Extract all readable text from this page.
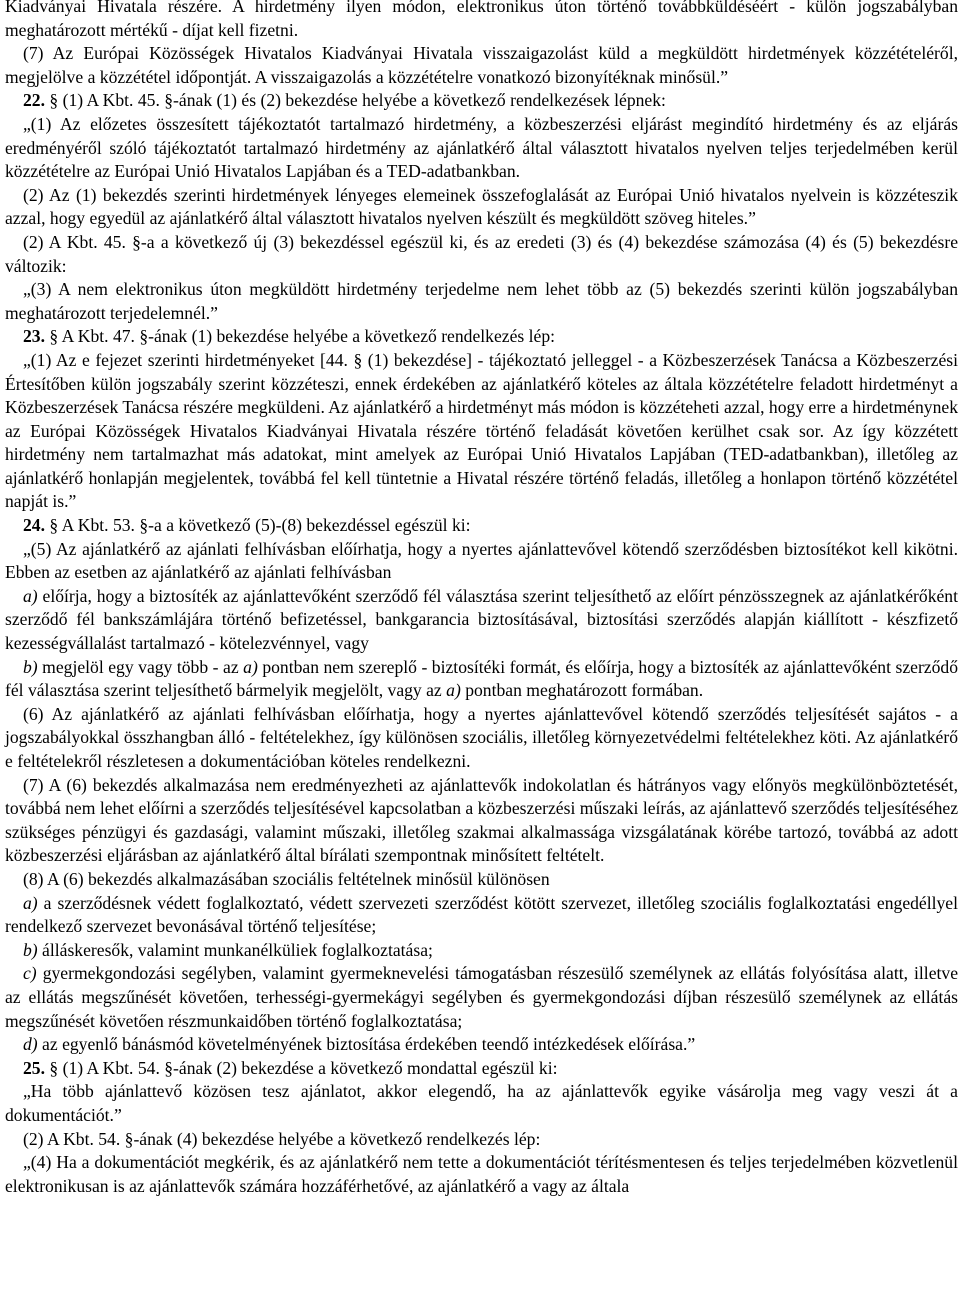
Kiadványai Hivatala részére. A hirdetmény ilyen módon, elektronikus úton történő továbbküldéséért - külön jogszabályban meghatározott mértékű - díjat kell fizetni.

(7) Az Európai Közösségek Hivatalos Kiadványai Hivatala visszaigazolást küld a megküldött hirdetmények közzétételéről, megjelölve a közzététel időpontját. A visszaigazolás a közzétételre vonatkozó bizonyítéknak minősül.”

22. § (1) A Kbt. 45. §-ának (1) és (2) bekezdése helyébe a következő rendelkezések lépnek:

„(1) Az előzetes összesített tájékoztatót tartalmazó hirdetmény, a közbeszerzési eljárást megindító hirdetmény és az eljárás eredményéről szóló tájékoztatót tartalmazó hirdetmény az ajánlatkérő által választott hivatalos nyelven teljes terjedelmében kerül közzétételre az Európai Unió Hivatalos Lapjában és a TED-adatbankban.

(2) Az (1) bekezdés szerinti hirdetmények lényeges elemeinek összefoglalását az Európai Unió hivatalos nyelvein is közzéteszik azzal, hogy egyedül az ajánlatkérő által választott hivatalos nyelven készült és megküldött szöveg hiteles.”

(2) A Kbt. 45. §-a a következő új (3) bekezdéssel egészül ki, és az eredeti (3) és (4) bekezdése számozása (4) és (5) bekezdésre változik:

„(3) A nem elektronikus úton megküldött hirdetmény terjedelme nem lehet több az (5) bekezdés szerinti külön jogszabályban meghatározott terjedelemnél.”

23. § A Kbt. 47. §-ának (1) bekezdése helyébe a következő rendelkezés lép:

„(1) Az e fejezet szerinti hirdetményeket [44. § (1) bekezdése] - tájékoztató jelleggel - a Közbeszerzések Tanácsa a Közbeszerzési Értesítőben külön jogszabály szerint közzéteszi, ennek érdekében az ajánlatkérő köteles az általa közzétételre feladott hirdetményt a Közbeszerzések Tanácsa részére megküldeni. Az ajánlatkérő a hirdetményt más módon is közzéteheti azzal, hogy erre a hirdetménynek az Európai Közösségek Hivatalos Kiadványai Hivatala részére történő feladását követően kerülhet csak sor. Az így közzétett hirdetmény nem tartalmazhat más adatokat, mint amelyek az Európai Unió Hivatalos Lapjában (TED-adatbankban), illetőleg az ajánlatkérő honlapján megjelentek, továbbá fel kell tüntetnie a Hivatal részére történő feladás, illetőleg a honlapon történő közzététel napját is.”

24. § A Kbt. 53. §-a a következő (5)-(8) bekezdéssel egészül ki:

„(5) Az ajánlatkérő az ajánlati felhívásban előírhatja, hogy a nyertes ajánlattevővel kötendő szerződésben biztosítékot kell kikötni. Ebben az esetben az ajánlatkérő az ajánlati felhívásban

a) előírja, hogy a biztosíték az ajánlattevőként szerződő fél választása szerint teljesíthető az előírt pénzösszegnek az ajánlatkérőként szerződő fél bankszámlájára történő befizetéssel, bankgarancia biztosításával, biztosítási szerződés alapján kiállított - készfizető kezességvállalást tartalmazó - kötelezvénnyel, vagy

b) megjelöl egy vagy több - az a) pontban nem szereplő - biztosítéki formát, és előírja, hogy a biztosíték az ajánlattevőként szerződő fél választása szerint teljesíthető bármelyik megjelölt, vagy az a) pontban meghatározott formában.

(6) Az ajánlatkérő az ajánlati felhívásban előírhatja, hogy a nyertes ajánlattevővel kötendő szerződés teljesítését sajátos - a jogszabályokkal összhangban álló - feltételekhez, így különösen szociális, illetőleg környezetvédelmi feltételekhez köti. Az ajánlatkérő e feltételekről részletesen a dokumentációban köteles rendelkezni.

(7) A (6) bekezdés alkalmazása nem eredményezheti az ajánlattevők indokolatlan és hátrányos vagy előnyös megkülönböztetését, továbbá nem lehet előírni a szerződés teljesítésével kapcsolatban a közbeszerzési műszaki leírás, az ajánlattevő szerződés teljesítéséhez szükséges pénzügyi és gazdasági, valamint műszaki, illetőleg szakmai alkalmassága vizsgálatának körébe tartozó, továbbá az adott közbeszerzési eljárásban az ajánlatkérő által bírálati szempontnak minősített feltételt.

(8) A (6) bekezdés alkalmazásában szociális feltételnek minősül különösen

a) a szerződésnek védett foglalkoztató, védett szervezeti szerződést kötött szervezet, illetőleg szociális foglalkoztatási engedéllyel rendelkező szervezet bevonásával történő teljesítése;

b) álláskeresők, valamint munkanélküliek foglalkoztatása;

c) gyermekgondozási segélyben, valamint gyermeknevelési támogatásban részesülő személynek az ellátás folyósítása alatt, illetve az ellátás megszűnését követően, terhességi-gyermekágyi segélyben és gyermekgondozási díjban részesülő személynek az ellátás megszűnését követően részmunkaidőben történő foglalkoztatása;

d) az egyenlő bánásmód követelményének biztosítása érdekében teendő intézkedések előírása.”

25. § (1) A Kbt. 54. §-ának (2) bekezdése a következő mondattal egészül ki:

„Ha több ajánlattevő közösen tesz ajánlatot, akkor elegendő, ha az ajánlattevők egyike vásárolja meg vagy veszi át a dokumentációt.”

(2) A Kbt. 54. §-ának (4) bekezdése helyébe a következő rendelkezés lép:

„(4) Ha a dokumentációt megkérik, és az ajánlatkérő nem tette a dokumentációt térítésmentesen és teljes terjedelmében közvetlenül elektronikusan is az ajánlattevők számára hozzáférhetővé, az ajánlatkérő a vagy az általa
